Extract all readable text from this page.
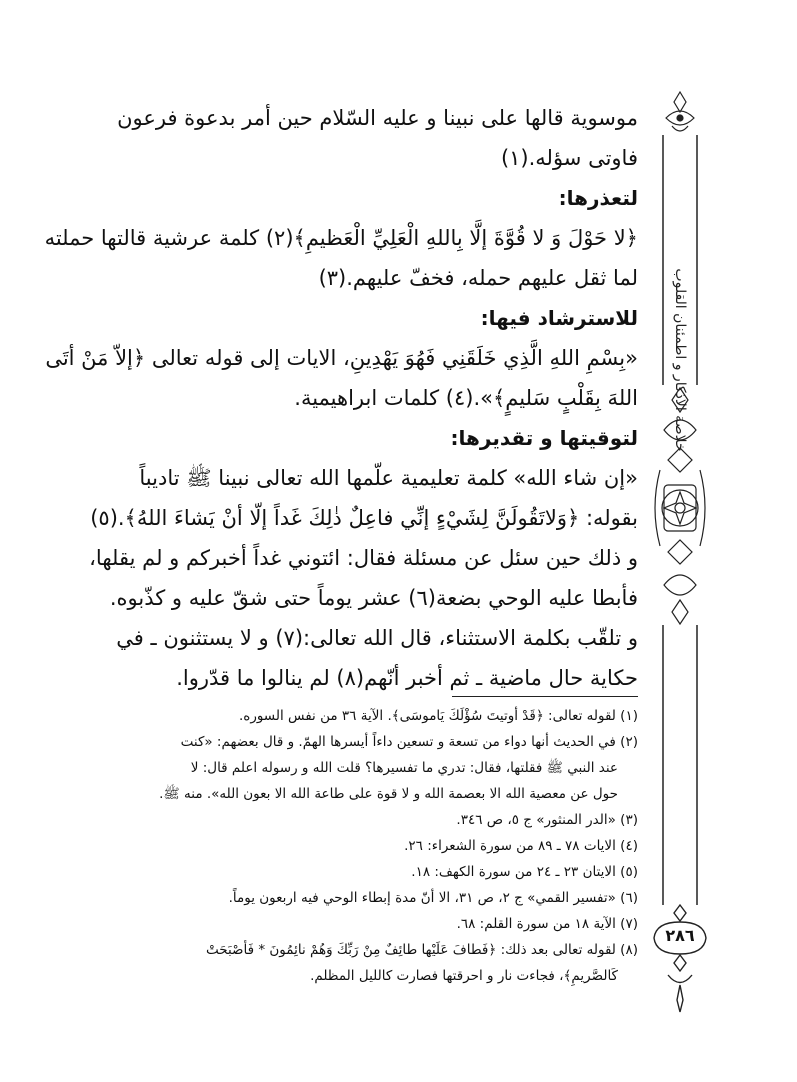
موسوية قالها على نبينا و عليه السّلام حين أمر بدعوة فرعون

فاوتى سؤله.(١)

لتعذرها:

﴿لا حَوْلَ وَ لا قُوَّةَ إلَّا بِاللهِ الْعَلِيِّ الْعَظيمِ﴾(٢) كلمة عرشية قالتها حملته

لما ثقل عليهم حمله، فخفّ عليهم.(٣)

للاسترشاد فيها:

«بِسْمِ اللهِ الَّذِي خَلَقَنِي فَهُوَ يَهْدِينِ، الايات إلى قوله تعالى ﴿إلاّ مَنْ أتَى

اللهَ بِقَلْبٍ سَليمٍ﴾».(٤) كلمات ابراهيمية.

لتوقيتها و تقديرها:

«إن شاء الله» كلمة تعليمية علّمها الله تعالى نبينا ﷺ تاديباً

بقوله: ﴿وَلاتَقُولَنَّ لِشَيْءٍ إنِّي فاعِلٌ ذٰلِكَ غَداً إلّا أنْ يَشاءَ اللهُ﴾.(٥)

و ذلك حين سئل عن مسئلة فقال: ائتوني غداً أخبركم و لم يقلها،

فأبطا عليه الوحي بضعة(٦) عشر يوماً حتى شقّ عليه و كذّبوه.

و تلقّب بكلمة الاستثناء، قال الله تعالى:(٧) و لا يستثنون ـ في

حكاية حال ماضية ـ ثم أخبر أنّهم(٨) لم ينالوا ما قدّروا.

(١) لقوله تعالى: ﴿قَدْ أوتيتَ سُؤْلَكَ يَاموسَى﴾. الآية ٣٦ من نفس السوره.

(٢) في الحديث أنها دواء من تسعة و تسعين داءاً أيسرها الهمّ. و قال بعضهم: «كنت

عند النبي ﷺ فقلتها، فقال: تدري ما تفسيرها؟ قلت الله و رسوله اعلم قال: لا

حول عن معصية الله الا بعصمة الله و لا قوة على طاعة الله الا بعون الله». منه ﷺ.

(٣) «الدر المنثور» ج ٥، ص ٣٤٦.

(٤) الايات ٧٨ ـ ٨٩ من سورة الشعراء: ٢٦.

(٥) الايتان ٢٣ ـ ٢٤ من سورة الكهف: ١٨.

(٦) «تفسير القمي» ج ٢، ص ٣١، الا أنّ مدة إبطاء الوحي فيه اربعون يوماً.

(٧) الآية ١٨ من سورة القلم: ٦٨.

(٨) لقوله تعالى بعد ذلك: ﴿فَطافَ عَلَيْها طائِفٌ مِنْ رَبِّكَ وَهُمْ نائِمُونَ * فَأصْبَحَتْ

كَالصَّريمِ﴾، فجاءت نار و احرقتها فصارت كالليل المظلم.

خلاصة الاذكار و اطمئنان القلوب
٢٨٦
